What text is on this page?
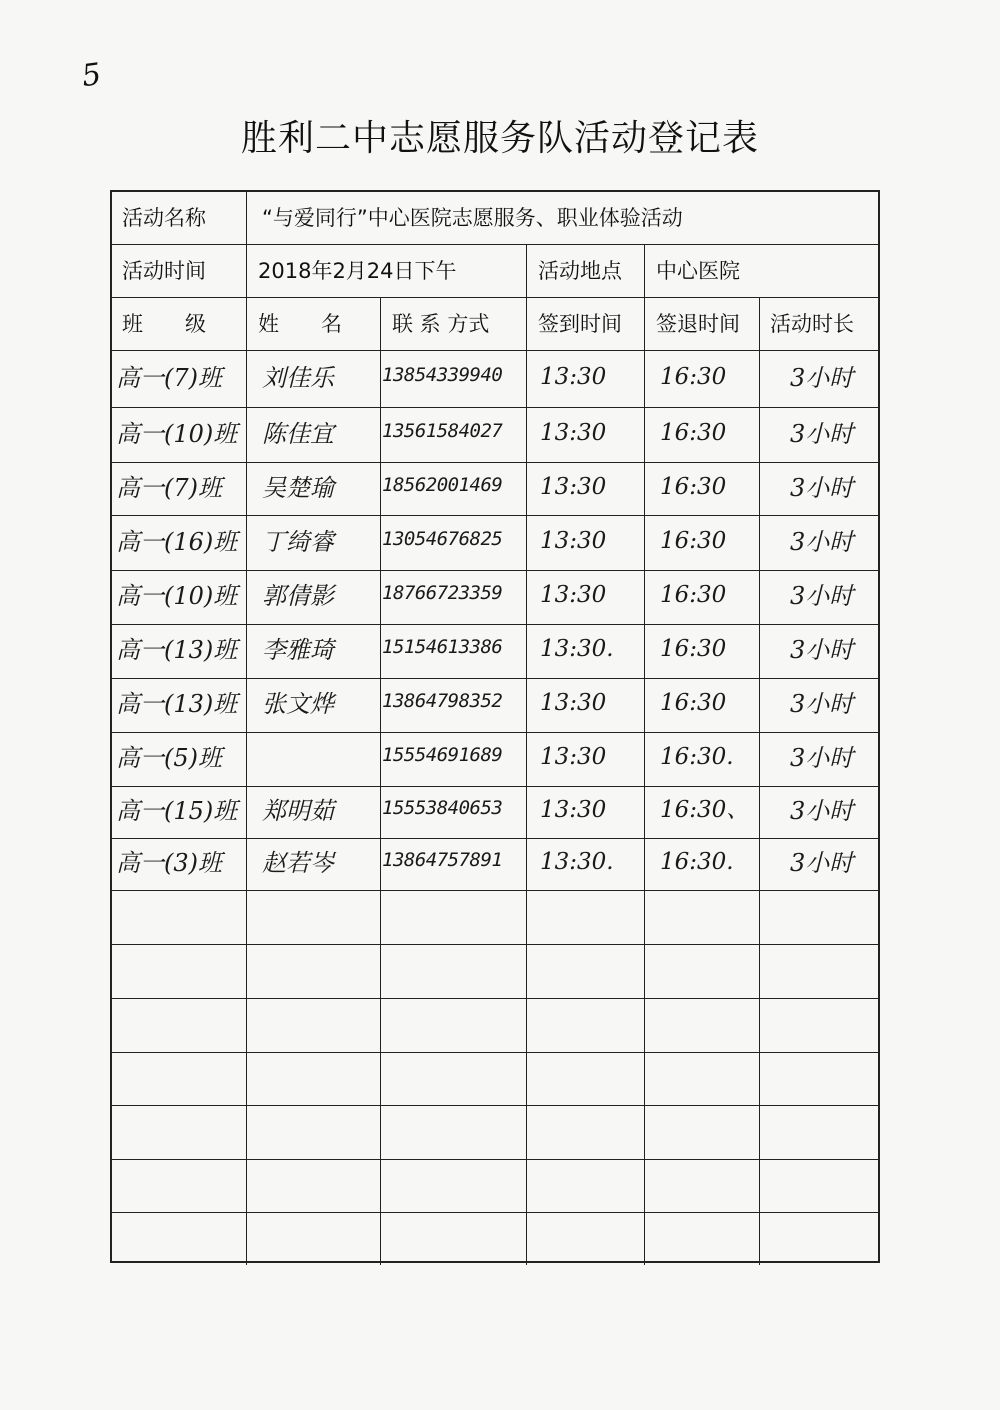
5
胜利二中志愿服务队活动登记表
活动名称	“与爱同行”中心医院志愿服务、职业体验活动
活动时间 2018年2月24日下午	活动地点 中心医院
班　　级 姓　　名 联 系 方式 签到时间 签退时间 活动时长
高一(7)班 刘佳乐	13854339940 13:30 16:30	3小时
高一(10)班 陈佳宜	13561584027 13:30 16:30	3小时
高一(7)班 吴楚瑜	18562001469 13:30 16:30	3小时
高一(16)班 丁绮睿	13054676825 13:30 16:30	3小时
高一(10)班 郭倩影	18766723359 13:30 16:30	3小时
高一(13)班 李雅琦	15154613386 13:30. 16:30	3小时
高一(13)班 张文烨	13864798352 13:30 16:30	3小时
高一(5)班	15554691689 13:30 16:30. 3小时
高一(15)班 郑明茹	15553840653 13:30 16:30、 3小时
高一(3)班 赵若岑	13864757891 13:30. 16:30. 3小时
